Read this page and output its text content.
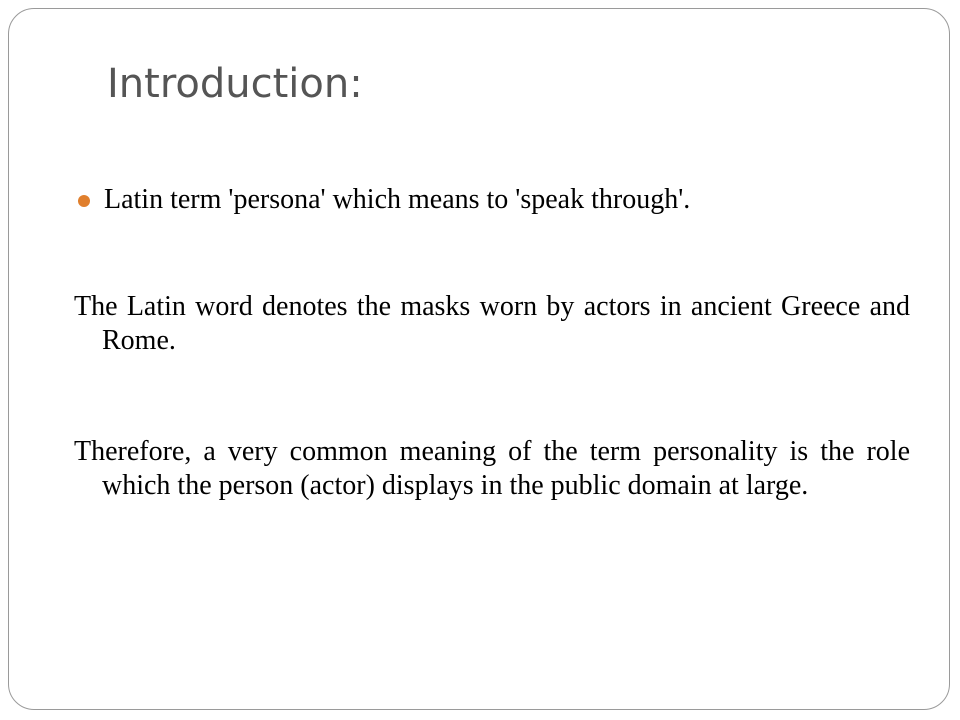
Introduction:

Latin term 'persona' which means to 'speak through'.

The Latin word denotes the masks worn by actors in ancient Greece and Rome.

Therefore, a very common meaning of the term personality is the role which the person (actor) displays in the public domain at large.
